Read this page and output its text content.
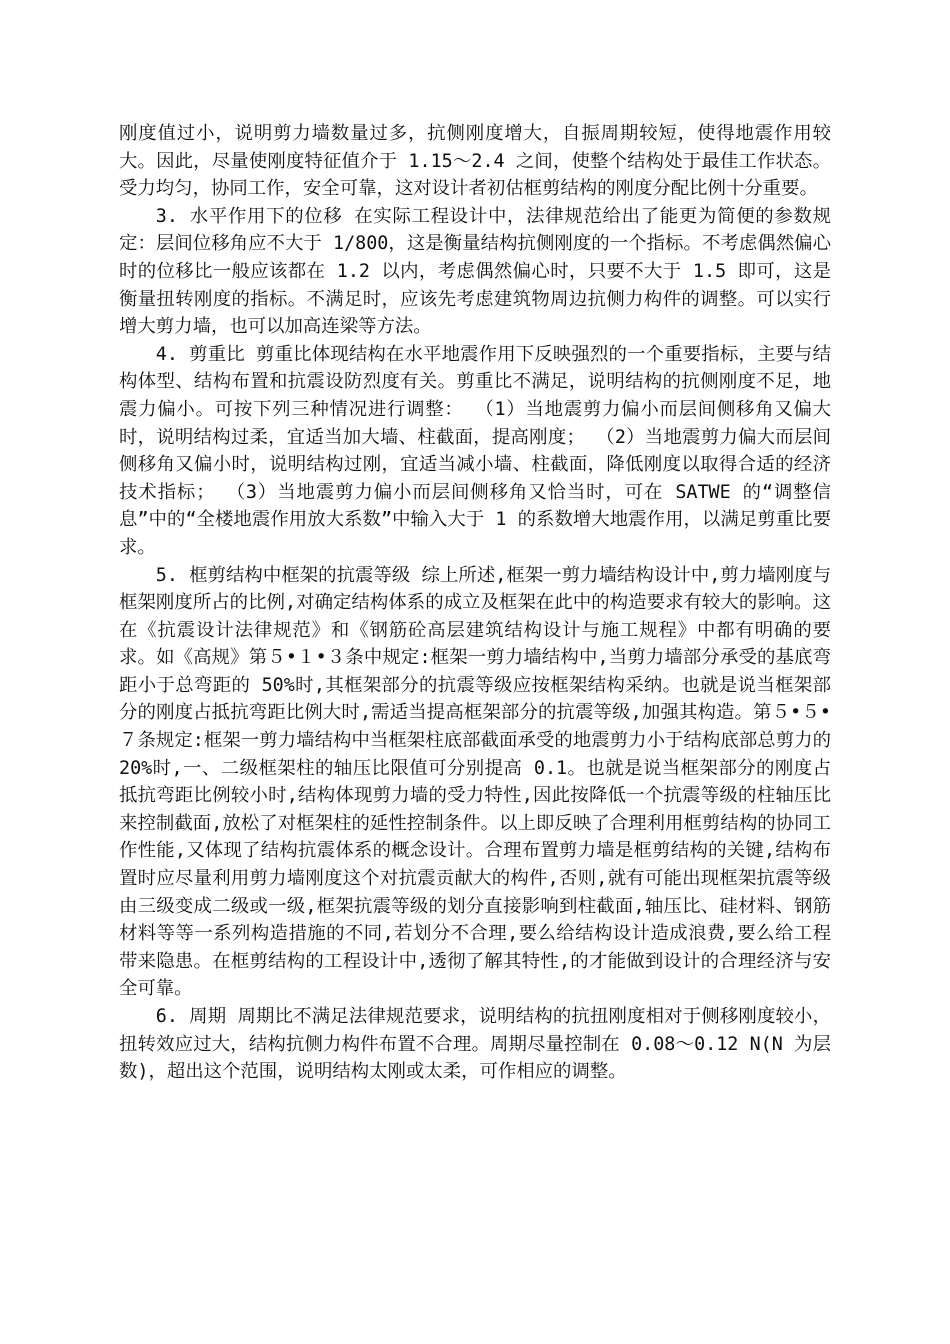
刚度值过小，说明剪力墙数量过多，抗侧刚度增大，自振周期较短，使得地震作用较大。因此，尽量使刚度特征值介于 1.15～2.4 之间，使整个结构处于最佳工作状态。受力均匀，协同工作，安全可靠，这对设计者初估框剪结构的刚度分配比例十分重要。

3. 水平作用下的位移 在实际工程设计中，法律规范给出了能更为简便的参数规定：层间位移角应不大于 1/800，这是衡量结构抗侧刚度的一个指标。不考虑偶然偏心时的位移比一般应该都在 1.2 以内，考虑偶然偏心时，只要不大于 1.5 即可，这是衡量扭转刚度的指标。不满足时，应该先考虑建筑物周边抗侧力构件的调整。可以实行增大剪力墙，也可以加高连梁等方法。

4. 剪重比 剪重比体现结构在水平地震作用下反映强烈的一个重要指标，主要与结构体型、结构布置和抗震设防烈度有关。剪重比不满足，说明结构的抗侧刚度不足，地震力偏小。可按下列三种情况进行调整： （1）当地震剪力偏小而层间侧移角又偏大时，说明结构过柔，宜适当加大墙、柱截面，提高刚度； （2）当地震剪力偏大而层间侧移角又偏小时，说明结构过刚，宜适当减小墙、柱截面，降低刚度以取得合适的经济技术指标； （3）当地震剪力偏小而层间侧移角又恰当时，可在 SATWE 的“调整信息”中的“全楼地震作用放大系数”中输入大于 1 的系数增大地震作用，以满足剪重比要求。

5. 框剪结构中框架的抗震等级 综上所述,框架一剪力墙结构设计中,剪力墙刚度与框架刚度所占的比例,对确定结构体系的成立及框架在此中的构造要求有较大的影响。这在《抗震设计法律规范》和《钢筋砼高层建筑结构设计与施工规程》中都有明确的要求。如《高规》第５•１•３条中规定:框架一剪力墙结构中,当剪力墙部分承受的基底弯距小于总弯距的 50%时,其框架部分的抗震等级应按框架结构采纳。也就是说当框架部分的刚度占抵抗弯距比例大时,需适当提高框架部分的抗震等级,加强其构造。第５•５•７条规定:框架一剪力墙结构中当框架柱底部截面承受的地震剪力小于结构底部总剪力的 20%时,一、二级框架柱的轴压比限值可分别提高 0.1。也就是说当框架部分的刚度占抵抗弯距比例较小时,结构体现剪力墙的受力特性,因此按降低一个抗震等级的柱轴压比来控制截面,放松了对框架柱的延性控制条件。以上即反映了合理利用框剪结构的协同工作性能,又体现了结构抗震体系的概念设计。合理布置剪力墙是框剪结构的关键,结构布置时应尽量利用剪力墙刚度这个对抗震贡献大的构件,否则,就有可能出现框架抗震等级由三级变成二级或一级,框架抗震等级的划分直接影响到柱截面,轴压比、硅材料、钢筋材料等等一系列构造措施的不同,若划分不合理,要么给结构设计造成浪费,要么给工程带来隐患。在框剪结构的工程设计中,透彻了解其特性,的才能做到设计的合理经济与安全可靠。

6. 周期 周期比不满足法律规范要求，说明结构的抗扭刚度相对于侧移刚度较小，扭转效应过大，结构抗侧力构件布置不合理。周期尽量控制在 0.08～0.12 N(N 为层数)，超出这个范围，说明结构太刚或太柔，可作相应的调整。
